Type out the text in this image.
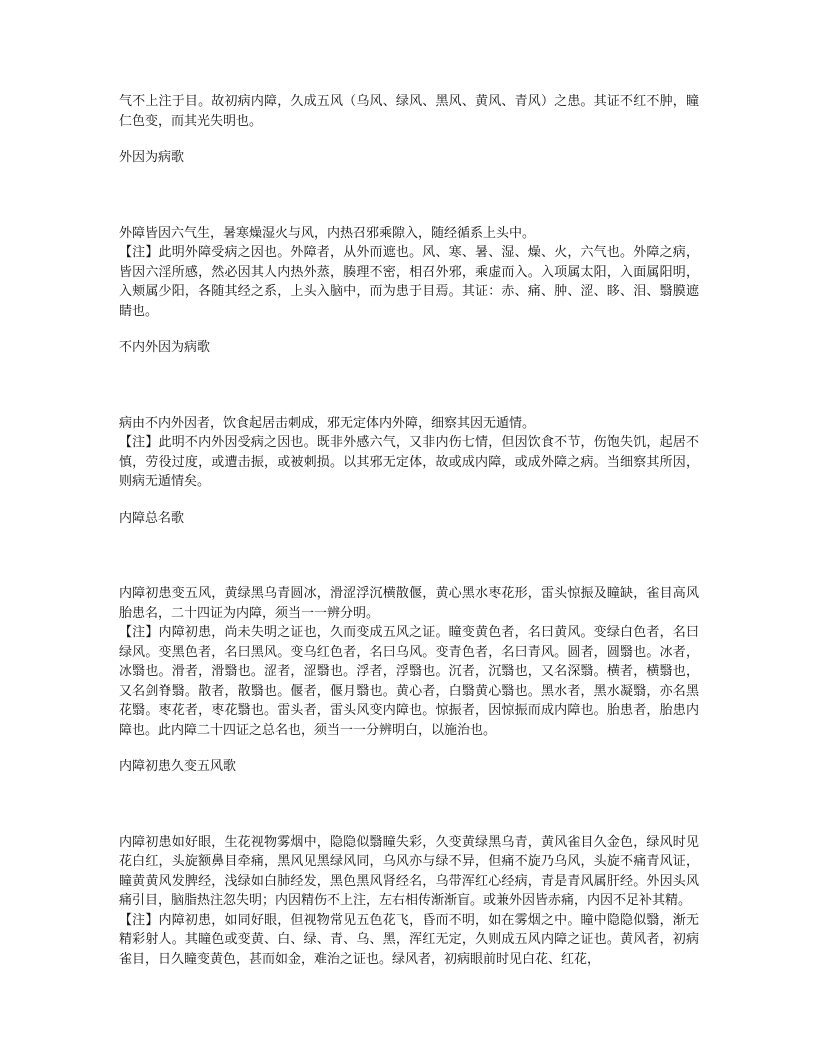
气不上注于目。故初病内障，久成五风（乌风、绿风、黑风、黄风、青风）之患。其证不红不肿，瞳仁色变，而其光失明也。

外因为病歌

外障皆因六气生，暑寒燥湿火与风，内热召邪乘隙入，随经循系上头中。

【注】此明外障受病之因也。外障者，从外而遮也。风、寒、暑、湿、燥、火，六气也。外障之病，皆因六淫所感，然必因其人内热外蒸，腠理不密，相召外邪，乘虚而入。入项属太阳，入面属阳明，入颊属少阳，各随其经之系，上头入脑中，而为患于目焉。其证：赤、痛、肿、涩、眵、泪、翳膜遮睛也。

不内外因为病歌

病由不内外因者，饮食起居击刺成，邪无定体内外障，细察其因无遁情。

【注】此明不内外因受病之因也。既非外感六气，又非内伤七情，但因饮食不节，伤饱失饥，起居不慎，劳役过度，或遭击振，或被刺损。以其邪无定体，故或成内障，或成外障之病。当细察其所因，则病无遁情矣。

内障总名歌

内障初患变五风，黄绿黑乌青圆冰，滑涩浮沉横散偃，黄心黑水枣花形，雷头惊振及瞳缺，雀目高风胎患名，二十四证为内障，须当一一辨分明。

【注】内障初患，尚未失明之证也，久而变成五风之证。瞳变黄色者，名曰黄风。变绿白色者，名曰绿风。变黑色者，名曰黑风。变乌红色者，名曰乌风。变青色者，名曰青风。圆者，圆翳也。冰者，冰翳也。滑者，滑翳也。涩者，涩翳也。浮者，浮翳也。沉者，沉翳也，又名深翳。横者，横翳也，又名剑脊翳。散者，散翳也。偃者，偃月翳也。黄心者，白翳黄心翳也。黑水者，黑水凝翳，亦名黑花翳。枣花者，枣花翳也。雷头者，雷头风变内障也。惊振者，因惊振而成内障也。胎患者，胎患内障也。此内障二十四证之总名也，须当一一分辨明白，以施治也。

内障初患久变五风歌

内障初患如好眼，生花视物雾烟中，隐隐似翳瞳失彩，久变黄绿黑乌青，黄风雀目久金色，绿风时见花白红，头旋额鼻目牵痛，黑风见黑绿风同，乌风亦与绿不异，但痛不旋乃乌风，头旋不痛青风证，瞳黄黄风发脾经，浅绿如白肺经发，黑色黑风肾经名，乌带浑红心经病，青是青风属肝经。外因头风痛引目，脑脂热注忽失明；内因精伤不上注，左右相传渐渐盲。或兼外因皆赤痛，内因不足补其精。

【注】内障初患，如同好眼，但视物常见五色花飞，昏而不明，如在雾烟之中。瞳中隐隐似翳，渐无精彩射人。其瞳色或变黄、白、绿、青、乌、黑，浑红无定，久则成五风内障之证也。黄风者，初病雀目，日久瞳变黄色，甚而如金，难治之证也。绿风者，初病眼前时见白花、红花，
